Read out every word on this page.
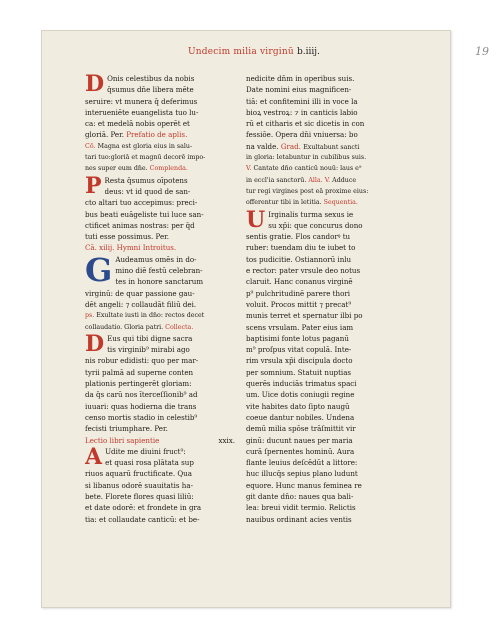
19
Undecim milia virginū b.iiij.
D Onis celestibus da nobis
q̄sumus dn̄e libera mēte
seruire: vt munera q̄ deferimus
interueniēte euangelista tuo lu-
ca: et medelā nobis operēt et
gloriā. Per. Prefatio de aplis.
Cō. Magna est gloria eius in salu-
tari tuo:gloriā et magnū decorē impo-
nes super eum dn̄e. Complenda.
P Resta q̄sumus oīpotens
deus: vt id quod de san-
cto altari tuo accepimus: preci-
bus beati euāgeliste tui luce san-
ctificet animas nostras: per q̄d
tuti esse possimus. Per.
Cā. xilij. Hymni Introitus.
G Audeamus omēs in do-
mino diē festū celebran-
tes in honore sanctarum
virginū: de quar passione gau-
dēt angeli: ⁊ collaudāt filiū dei.
ps. Exultate iusti in dn̄o: rectos decet
collaudatio. Gloria patri. Collecta.
D Eus qui tibi digne sacra
tis virginib⁹ mirabi ago
nis robur edidisti: quo per mar-
tyrii palmā ad superne conten
plationis pertingerēt gloriam:
da q̄s carū nos īterceſſionib⁹ ad
iuuari: quas hodierna die trans
censo mortis stadio in celestib⁹
fecisti triumphare. Per.
Lectio libri sapientie	xxix.
A Udite me diuini fruct⁹:
et quasi rosa plātata sup
riuos aquarū fructificate. Qua
si libanus odorē suauitatis ha-
bete. Florete flores quasi liliū:
et date odorē: et frondete in gra
tia: et collaudate canticū: et be-
nedicite dn̄m in operibus suis.
Date nomini eius magnificen-
tiā: et confitemini illi in voce la
bioꝝ vestroꝝ: ⁊ in canticis labio
rū et citharis et sic dicetis in con
fessiōe. Opera dn̄i vniuersa: bo
na valde. Grad. Exultabunt sancti
in gloria: letabuntur in cubilibus suis.
V. Cantate dn̄o canticū nouū: laus e⁹
in eccl'ia sanctorū. Alla. V. Adduce
tur regi virgines post eā proxime eius:
offerentur tibi in letitia. Sequentia.
U Irginalis turma sexus ie
su xp̄i: que concurus dono
sentis gratie. Flos candorꝰ tu
ruber: tuendam diu te iubet to
tos pudicitie. Ostiannorū inlu
e rector: pater vrsule deo notus
claruit. Hanc conanus virginē
p⁹ pulchritudinē parere thori
voluit. Procos mittit ⁊ precat⁹
munis terret et spernatur ilbi po
scens vrsulam. Pater eius iam
baptisimi fonte lotus paganū
m⁹ proſpus vitat copulā. Inte-
rim vrsula xp̄i discipula docto
per somnium. Statuit nuptias
querēs induciās trimatus spaci
um. Uice dotis coniugii regine
vite habites dato ſipto naugū
coeue dantur nobiles. Undena
demū milia spōse trāſmittit vir
ginū: ducunt naues per maria
curā ſpernentes hominū. Aura
flante leuius deſcēdūt a littore:
huc illucq̄s sepius plano ludunt
equore. Hunc manus feminea re
git dante dn̄o: naues qua bali-
lea: breui vidit termio. Relictis
nauibus ordinant acies ventis
